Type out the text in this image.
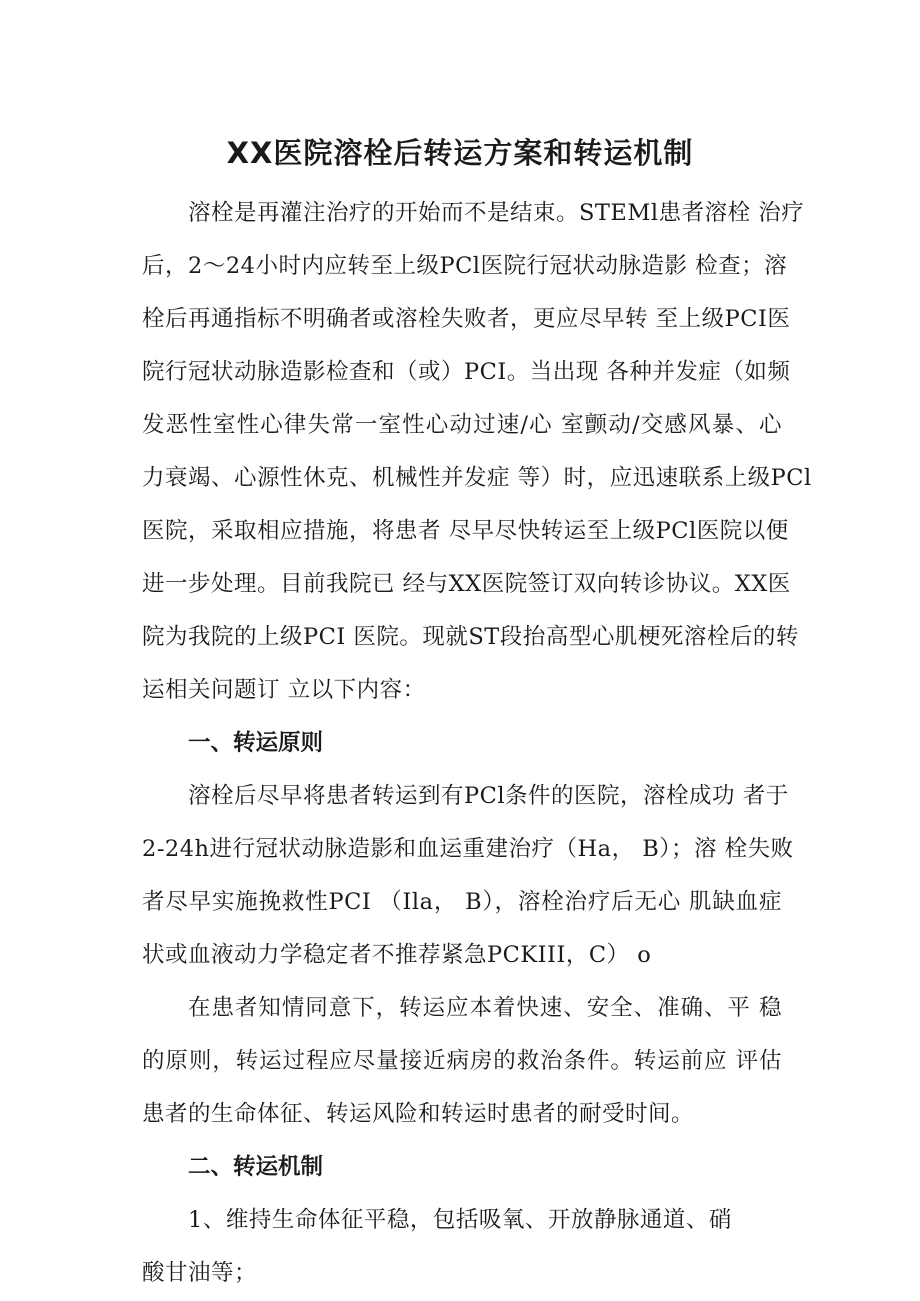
XX医院溶栓后转运方案和转运机制
溶栓是再灌注治疗的开始而不是结束。STEMl患者溶栓 治疗
后，2～24小时内应转至上级PCl医院行冠状动脉造影 检查；溶
栓后再通指标不明确者或溶栓失败者，更应尽早转 至上级PCI医
院行冠状动脉造影检查和（或）PCI。当出现 各种并发症（如频
发恶性室性心律失常一室性心动过速/心 室颤动/交感风暴、心
力衰竭、心源性休克、机械性并发症 等）时，应迅速联系上级PCl
医院，采取相应措施，将患者 尽早尽快转运至上级PCl医院以便
进一步处理。目前我院已 经与XX医院签订双向转诊协议。XX医
院为我院的上级PCI 医院。现就ST段抬高型心肌梗死溶栓后的转
运相关问题订 立以下内容：
一、转运原则
溶栓后尽早将患者转运到有PCl条件的医院，溶栓成功 者于
2-24h进行冠状动脉造影和血运重建治疗（Ha， B）；溶 栓失败
者尽早实施挽救性PCI （Ila， B），溶栓治疗后无心 肌缺血症
状或血液动力学稳定者不推荐紧急PCKIII，C） o
在患者知情同意下，转运应本着快速、安全、准确、平 稳
的原则，转运过程应尽量接近病房的救治条件。转运前应 评估
患者的生命体征、转运风险和转运时患者的耐受时间。
二、转运机制
1、维持生命体征平稳，包括吸氧、开放静脉通道、硝
酸甘油等；
